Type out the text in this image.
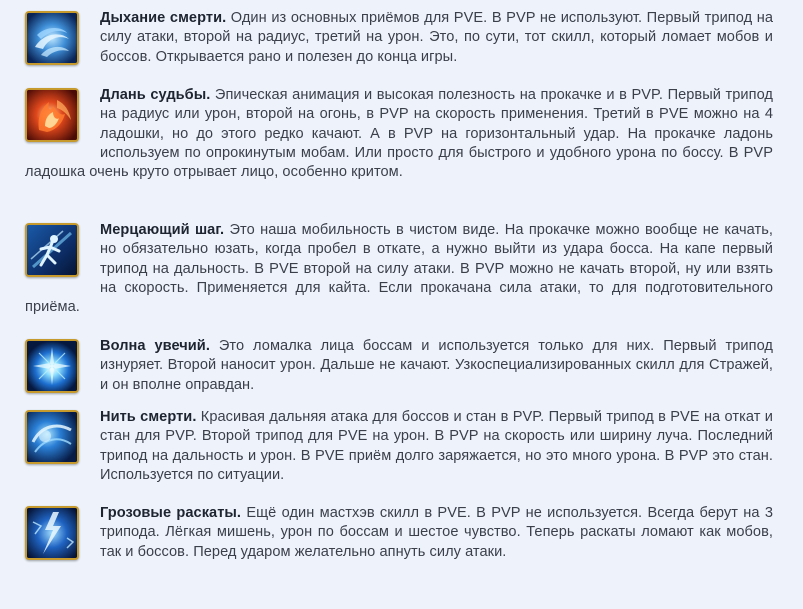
Дыхание смерти. Один из основных приёмов для PVE. В PVP не используют. Первый трипод на силу атаки, второй на радиус, третий на урон. Это, по сути, тот скилл, который ломает мобов и боссов. Открывается рано и полезен до конца игры.

Длань судьбы. Эпическая анимация и высокая полезность на прокачке и в PVP. Первый трипод на радиус или урон, второй на огонь, в PVP на скорость применения. Третий в PVE можно на 4 ладошки, но до этого редко качают. А в PVP на горизонтальный удар. На прокачке ладонь используем по опрокинутым мобам. Или просто для быстрого и удобного урона по боссу. В PVP ладошка очень круто отрывает лицо, особенно критом.

Мерцающий шаг. Это наша мобильность в чистом виде. На прокачке можно вообще не качать, но обязательно юзать, когда пробел в откате, а нужно выйти из удара босса. На капе первый трипод на дальность. В PVE второй на силу атаки. В PVP можно не качать второй, ну или взять на скорость. Применяется для кайта. Если прокачана сила атаки, то для подготовительного приёма.

Волна увечий. Это ломалка лица боссам и используется только для них. Первый трипод изнуряет. Второй наносит урон. Дальше не качают. Узкоспециализированных скилл для Стражей, и он вполне оправдан.

Нить смерти. Красивая дальняя атака для боссов и стан в PVP. Первый трипод в PVE на откат и стан для PVP. Второй трипод для PVE на урон. В PVP на скорость или ширину луча. Последний трипод на дальность и урон. В PVE приём долго заряжается, но это много урона. В PVP это стан. Используется по ситуации.

Грозовые раскаты. Ещё один мастхэв скилл в PVE. В PVP не используется. Всегда берут на 3 трипода. Лёгкая мишень, урон по боссам и шестое чувство. Теперь раскаты ломают как мобов, так и боссов. Перед ударом желательно апнуть силу атаки.
